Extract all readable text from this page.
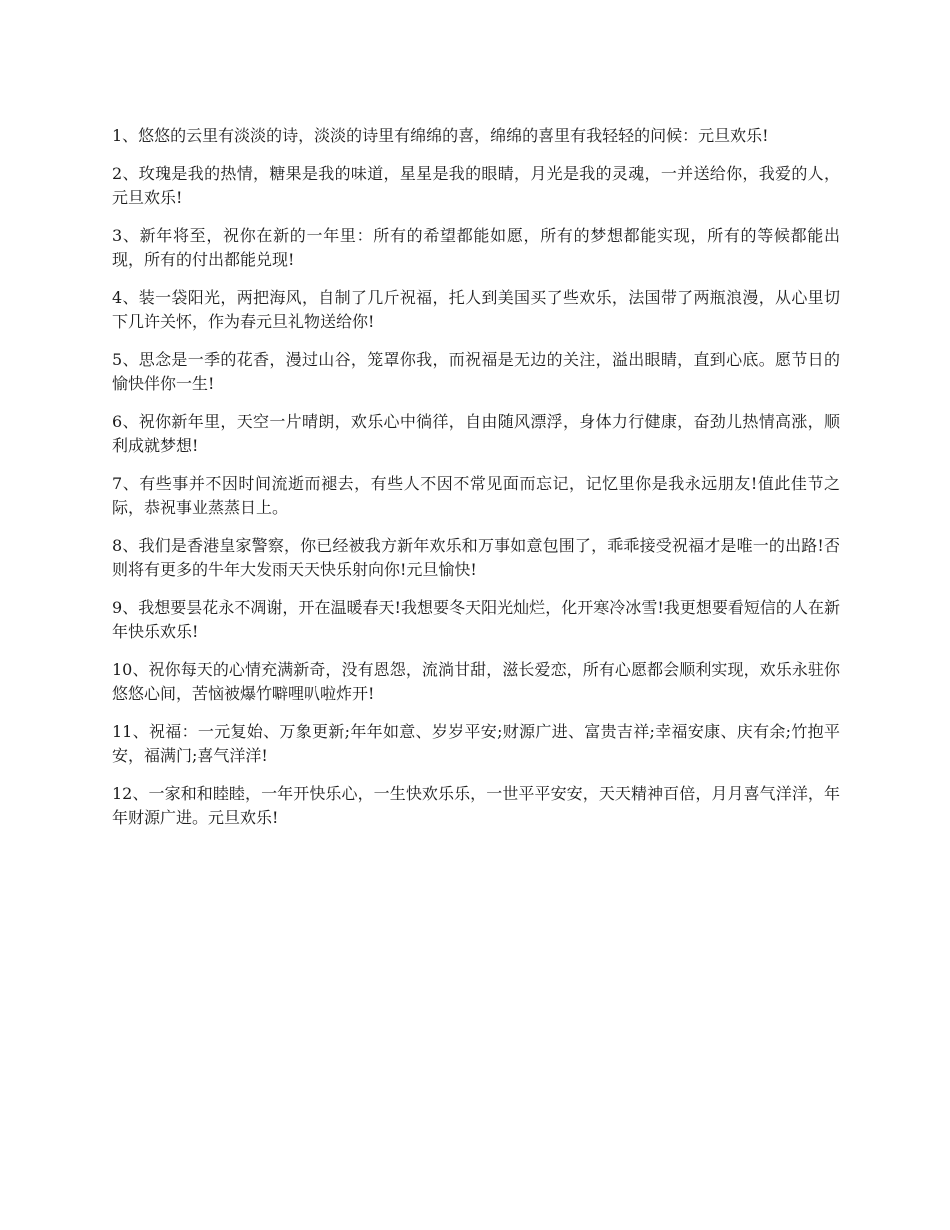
1、悠悠的云里有淡淡的诗，淡淡的诗里有绵绵的喜，绵绵的喜里有我轻轻的问候：元旦欢乐!

2、玫瑰是我的热情，糖果是我的味道，星星是我的眼睛，月光是我的灵魂，一并送给你，我爱的人，元旦欢乐!

3、新年将至，祝你在新的一年里：所有的希望都能如愿，所有的梦想都能实现，所有的等候都能出现，所有的付出都能兑现!

4、装一袋阳光，两把海风，自制了几斤祝福，托人到美国买了些欢乐，法国带了两瓶浪漫，从心里切下几许关怀，作为春元旦礼物送给你!

5、思念是一季的花香，漫过山谷，笼罩你我，而祝福是无边的关注，溢出眼睛，直到心底。愿节日的愉快伴你一生!

6、祝你新年里，天空一片晴朗，欢乐心中徜徉，自由随风漂浮，身体力行健康，奋劲儿热情高涨，顺利成就梦想!

7、有些事并不因时间流逝而褪去，有些人不因不常见面而忘记，记忆里你是我永远朋友!值此佳节之际，恭祝事业蒸蒸日上。

8、我们是香港皇家警察，你已经被我方新年欢乐和万事如意包围了，乖乖接受祝福才是唯一的出路!否则将有更多的牛年大发雨天天快乐射向你!元旦愉快!

9、我想要昙花永不凋谢，开在温暖春天!我想要冬天阳光灿烂，化开寒冷冰雪!我更想要看短信的人在新年快乐欢乐!

10、祝你每天的心情充满新奇，没有恩怨，流淌甘甜，滋长爱恋，所有心愿都会顺利实现，欢乐永驻你悠悠心间，苦恼被爆竹噼哩叭啦炸开!

11、祝福：一元复始、万象更新;年年如意、岁岁平安;财源广进、富贵吉祥;幸福安康、庆有余;竹抱平安，福满门;喜气洋洋!

12、一家和和睦睦，一年开快乐心，一生快欢乐乐，一世平平安安，天天精神百倍，月月喜气洋洋，年年财源广进。元旦欢乐!
